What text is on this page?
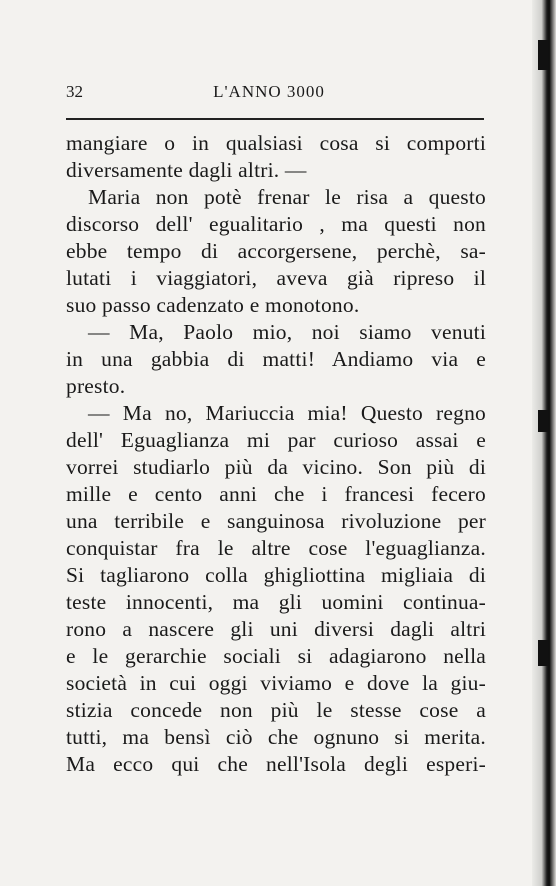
32	L'ANNO 3000
mangiare o in qualsiasi cosa si comporti
diversamente dagli altri. —
Maria non potè frenar le risa a questo
discorso dell' egualitario , ma questi non
ebbe tempo di accorgersene, perchè, sa-
lutati i viaggiatori, aveva già ripreso il
suo passo cadenzato e monotono.
— Ma, Paolo mio, noi siamo venuti
in una gabbia di matti! Andiamo via e
presto.
— Ma no, Mariuccia mia! Questo regno
dell' Eguaglianza mi par curioso assai e
vorrei studiarlo più da vicino. Son più di
mille e cento anni che i francesi fecero
una terribile e sanguinosa rivoluzione per
conquistar fra le altre cose l'eguaglianza.
Si tagliarono colla ghigliottina migliaia di
teste innocenti, ma gli uomini continua-
rono a nascere gli uni diversi dagli altri
e le gerarchie sociali si adagiarono nella
società in cui oggi viviamo e dove la giu-
stizia concede non più le stesse cose a
tutti, ma bensì ciò che ognuno si merita.
Ma ecco qui che nell'Isola degli esperi-
